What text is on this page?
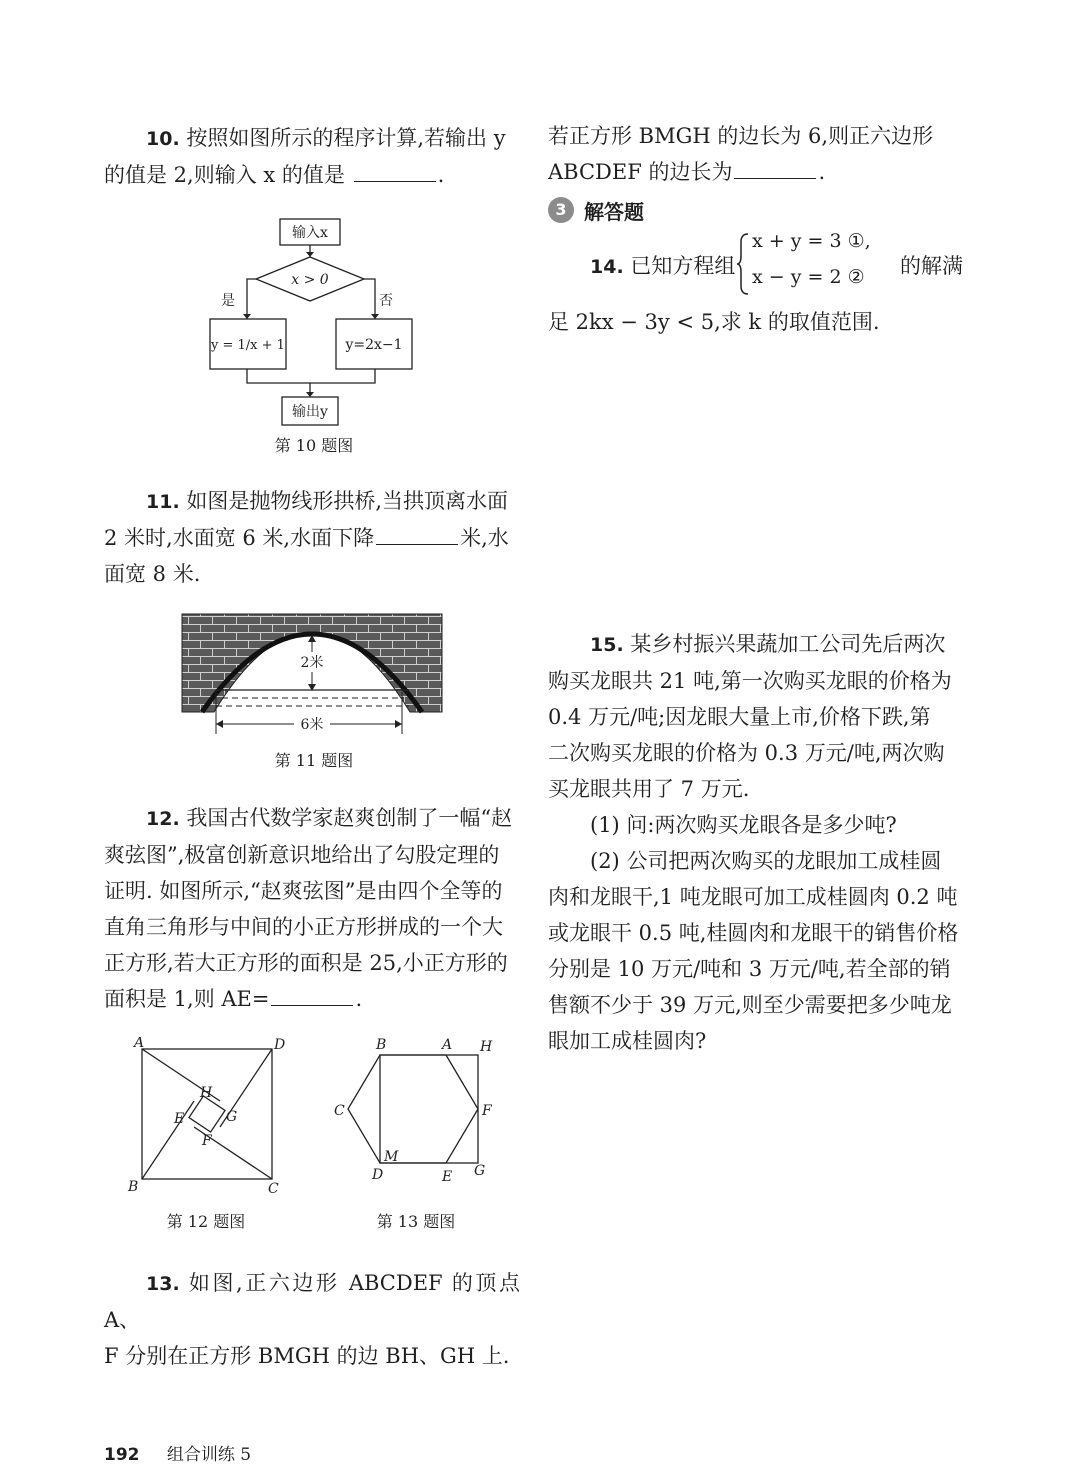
10. 按照如图所示的程序计算,若输出 y

的值是 2,则输入 x 的值是	.

输入x
x > 0
是	否
y = 1/x + 1	y=2x−1
输出y
第 10 题图

11. 如图是抛物线形拱桥,当拱顶离水面

2 米时,水面宽 6 米,水面下降	米,水

面宽 8 米.

2米
6米
第 11 题图

12. 我国古代数学家赵爽创制了一幅“赵

爽弦图”,极富创新意识地给出了勾股定理的

证明. 如图所示,“赵爽弦图”是由四个全等的

直角三角形与中间的小正方形拼成的一个大

正方形,若大正方形的面积是 25,小正方形的

面积是 1,则 AE=	.

A	D
H
E	G
F
B	C
第 12 题图
B	A H
C	F
M
G
D	E
第 13 题图

13. 如图,正六边形 ABCDEF 的顶点 A、

F 分别在正方形 BMGH 的边 BH、GH 上.

若正方形 BMGH 的边长为 6,则正六边形

ABCDEF 的边长为	.

3 解答题
14. 已知方程组
x + y = 3 ①,
x − y = 2 ② 的解满

足 2kx − 3y < 5,求 k 的取值范围.

15. 某乡村振兴果蔬加工公司先后两次

购买龙眼共 21 吨,第一次购买龙眼的价格为

0.4 万元/吨;因龙眼大量上市,价格下跌,第

二次购买龙眼的价格为 0.3 万元/吨,两次购

买龙眼共用了 7 万元.

(1) 问:两次购买龙眼各是多少吨?

(2) 公司把两次购买的龙眼加工成桂圆

肉和龙眼干,1 吨龙眼可加工成桂圆肉 0.2 吨

或龙眼干 0.5 吨,桂圆肉和龙眼干的销售价格

分别是 10 万元/吨和 3 万元/吨,若全部的销

售额不少于 39 万元,则至少需要把多少吨龙

眼加工成桂圆肉?

192 组合训练 5
